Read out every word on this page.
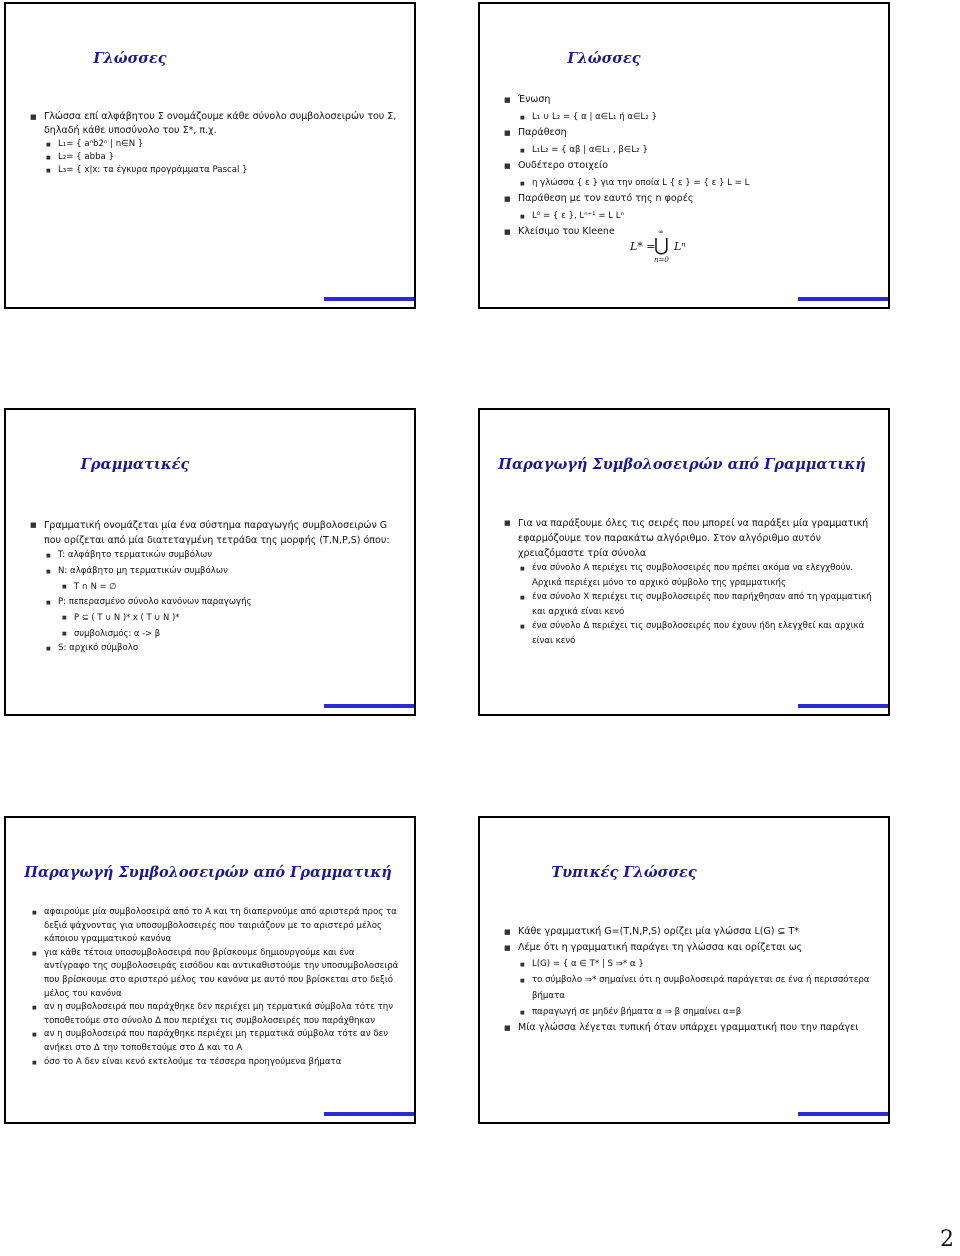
Γλώσσες
■ Γλώσσα επί αλφάβητου Σ ονομάζουμε κάθε σύνολο συμβολοσειρών του Σ, δηλαδή κάθε υποσύνολο του Σ*, π.χ.
■ L₁= { aⁿb2ⁿ | n∈N }
■ L₂= { abba }
■ L₃= { x|x: τα έγκυρα προγράμματα Pascal }
Γλώσσες
■ Ένωση
■ L₁ ∪ L₂ = { α | α∈L₁ ή α∈L₂ }
■ Παράθεση
■ L₁L₂ = { αβ | α∈L₁ , β∈L₂ }
■ Ουδέτερο στοιχείο
■ η γλώσσα { ε } για την οποία L { ε } = { ε } L = L
■ Παράθεση με τον εαυτό της n φορές
■ L⁰ = { ε }, Lⁿ⁺¹ = L Lⁿ
■ Κλείσιμο του Kleene
L* =
∞
⋃
n=0
Lⁿ
Γραμματικές
■ Γραμματική ονομάζεται μία ένα σύστημα παραγωγής συμβολοσειρών G που ορίζεται από μία διατεταγμένη τετράδα της μορφής (T,N,P,S) όπου:
■ T: αλφάβητο τερματικών συμβόλων
■ N: αλφάβητο μη τερματικών συμβόλων
■ T ∩ N = ∅
■ P: πεπερασμένο σύνολο κανόνων παραγωγής
■ P ⊆ ( T ∪ N )* x ( T ∪ N )*
■ συμβολισμός: α -> β
■ S: αρχικό σύμβολο
Παραγωγή Συμβολοσειρών από Γραμματική
■ Για να παράξουμε όλες τις σειρές που μπορεί να παράξει μία γραμματική εφαρμόζουμε τον παρακάτω αλγόριθμο. Στον αλγόριθμο αυτόν χρειαζόμαστε τρία σύνολα
■ ένα σύνολο Α περιέχει τις συμβολοσειρές που πρέπει ακόμα να ελεγχθούν. Αρχικά περιέχει μόνο το αρχικό σύμβολο της γραμματικής
■ ένα σύνολο Χ περιέχει τις συμβολοσειρές που παρήχθησαν από τη γραμματική και αρχικά είναι κενό
■ ένα σύνολο Δ περιέχει τις συμβολοσειρές που έχουν ήδη ελεγχθεί και αρχικά είναι κενό
Παραγωγή Συμβολοσειρών από Γραμματική
■ αφαιρούμε μία συμβολοσειρά από το Α και τη διαπερνούμε από αριστερά προς τα δεξιά ψάχνοντας για υποσυμβολοσειρές που ταιριάζουν με το αριστερό μέλος κάποιου γραμματικού κανόνα
■ για κάθε τέτοια υποσυμβολοσειρά που βρίσκουμε δημιουργούμε και ένα αντίγραφο της συμβολοσειράς εισόδου και αντικαθιστούμε την υποσυμβολοσειρά που βρίσκουμε στο αριστερό μέλος του κανόνα με αυτό που βρίσκεται στο δεξιό μέλος του κανόνα
■ αν η συμβολοσειρά που παράχθηκε δεν περιέχει μη τερματικά σύμβολα τότε την τοποθετούμε στο σύνολο Δ που περιέχει τις συμβολοσειρές που παράχθηκαν
■ αν η συμβολοσειρά που παράχθηκε περιέχει μη τερματικά σύμβολα τότε αν δεν ανήκει στο Δ την τοποθετούμε στο Δ και το Α
■ όσο το Α δεν είναι κενό εκτελούμε τα τέσσερα προηγούμενα βήματα
Τυπικές Γλώσσες
■ Κάθε γραμματική G=(T,N,P,S) ορίζει μία γλώσσα L(G) ⊆ T*
■ Λέμε ότι η γραμματική παράγει τη γλώσσα και ορίζεται ως
■ L(G) = { α ∈ T* | S ⇒* α }
■ το σύμβολο ⇒* σημαίνει ότι η συμβολοσειρά παράγεται σε ένα ή περισσότερα βήματα
■ παραγωγή σε μηδέν βήματα α ⇒ β σημαίνει α=β
■ Μία γλώσσα λέγεται τυπική όταν υπάρχει γραμματική που την παράγει
2
